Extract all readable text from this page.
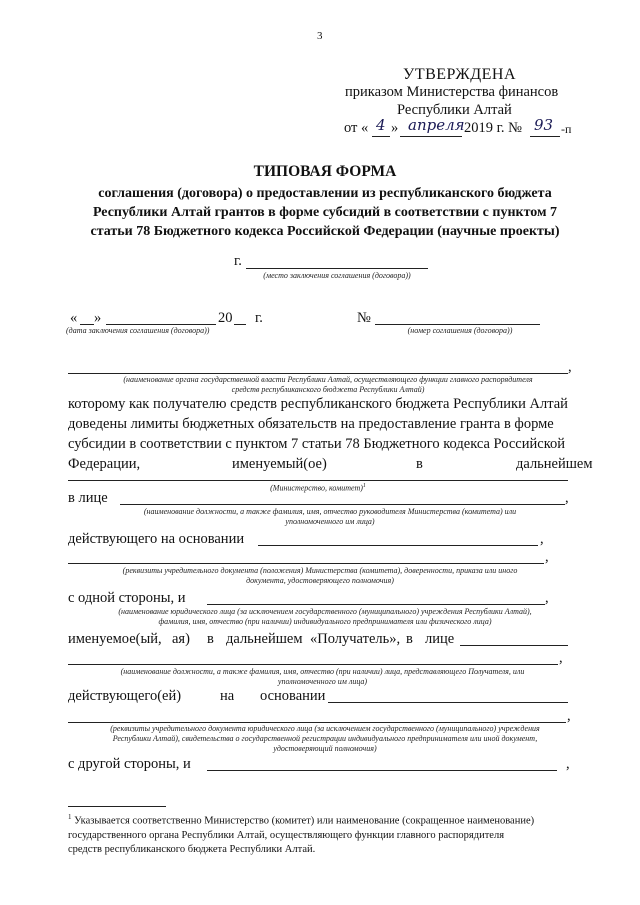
3
УТВЕРЖДЕНА
приказом Министерства финансов
Республики Алтай
от « 4 » апреля 2019 г. № 93 -п
ТИПОВАЯ ФОРМА
соглашения (договора) о предоставлении из республиканского бюджета
Республики Алтай грантов в форме субсидий в соответствии с пунктом 7
статьи 78 Бюджетного кодекса Российской Федерации (научные проекты)
г.
(место заключения соглашения (договора))
« »	20 г.
(дата заключения соглашения (договора))
№
(номер соглашения (договора))
,
(наименование органа государственной власти Республики Алтай, осуществляющего функции главного распорядителя
средств республиканского бюджета Республики Алтай)
которому как получателю средств республиканского бюджета Республики Алтай
доведены лимиты бюджетных обязательств на предоставление гранта в форме
субсидии в соответствии с пунктом 7 статьи 78 Бюджетного кодекса Российской
Федерации,	именуемый(ое)	в	дальнейшем
(Министерство, комитет)$^1$
в лице	,
(наименование должности, а также фамилия, имя, отчество руководителя Министерства (комитета) или
уполномоченного им лица)
действующего на основании	,
,
(реквизиты учредительного документа (положения) Министерства (комитета), доверенности, приказа или иного
документа, удостоверяющего полномочия)
с одной стороны, и	,
(наименование юридического лица (за исключением государственного (муниципального) учреждения Республики Алтай),
фамилия, имя, отчество (при наличии) индивидуального предпринимателя или физического лица)
именуемое(ый, ая) в дальнейшем «Получатель», в лице
,
(наименование должности, а также фамилия, имя, отчество (при наличии) лица, представляющего Получателя, или
уполномоченного им лица)
действующего(ей)	на основании
,
(реквизиты учредительного документа юридического лица (за исключением государственного (муниципального) учреждения
Республики Алтай), свидетельства о государственной регистрации индивидуального предпринимателя или иной документ,
удостоверяющий полномочия)
с другой стороны, и	,
$^1$ Указывается соответственно Министерство (комитет) или наименование (сокращенное наименование)
государственного органа Республики Алтай, осуществляющего функции главного распорядителя
средств республиканского бюджета Республики Алтай.
